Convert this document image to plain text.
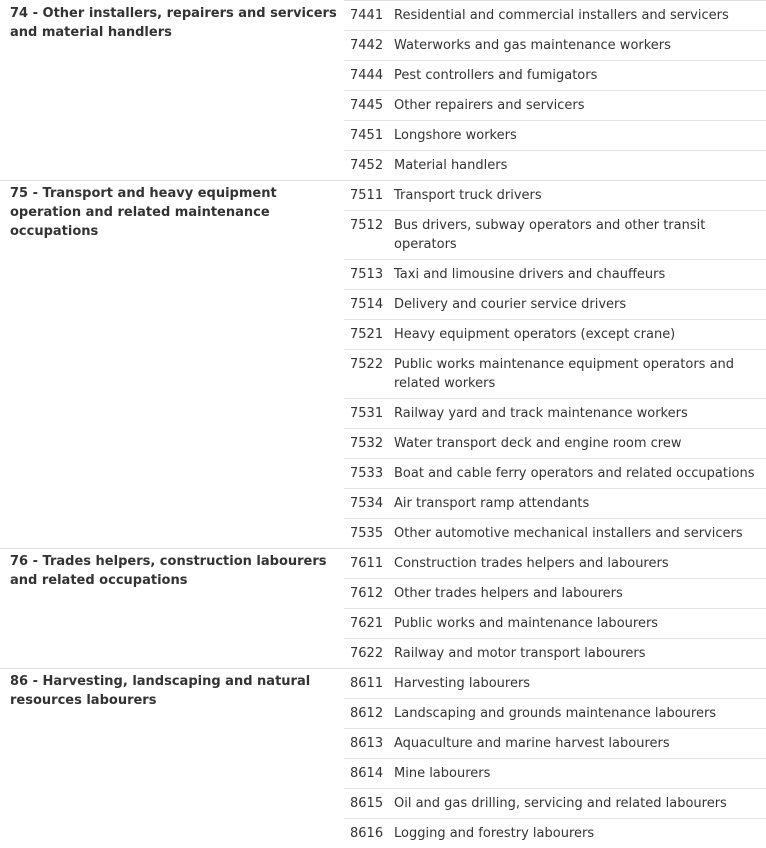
74 - Other installers, repairers and servicers and material handlers	7441	Residential and commercial installers and servicers
	7442	Waterworks and gas maintenance workers
	7444	Pest controllers and fumigators
	7445	Other repairers and servicers
	7451	Longshore workers
	7452	Material handlers
75 - Transport and heavy equipment operation and related maintenance occupations	7511	Transport truck drivers
	7512	Bus drivers, subway operators and other transit operators
	7513	Taxi and limousine drivers and chauffeurs
	7514	Delivery and courier service drivers
	7521	Heavy equipment operators (except crane)
	7522	Public works maintenance equipment operators and related workers
	7531	Railway yard and track maintenance workers
	7532	Water transport deck and engine room crew
	7533	Boat and cable ferry operators and related occupations
	7534	Air transport ramp attendants
	7535	Other automotive mechanical installers and servicers
76 - Trades helpers, construction labourers and related occupations	7611	Construction trades helpers and labourers
	7612	Other trades helpers and labourers
	7621	Public works and maintenance labourers
	7622	Railway and motor transport labourers
86 - Harvesting, landscaping and natural resources labourers	8611	Harvesting labourers
	8612	Landscaping and grounds maintenance labourers
	8613	Aquaculture and marine harvest labourers
	8614	Mine labourers
	8615	Oil and gas drilling, servicing and related labourers
	8616	Logging and forestry labourers
